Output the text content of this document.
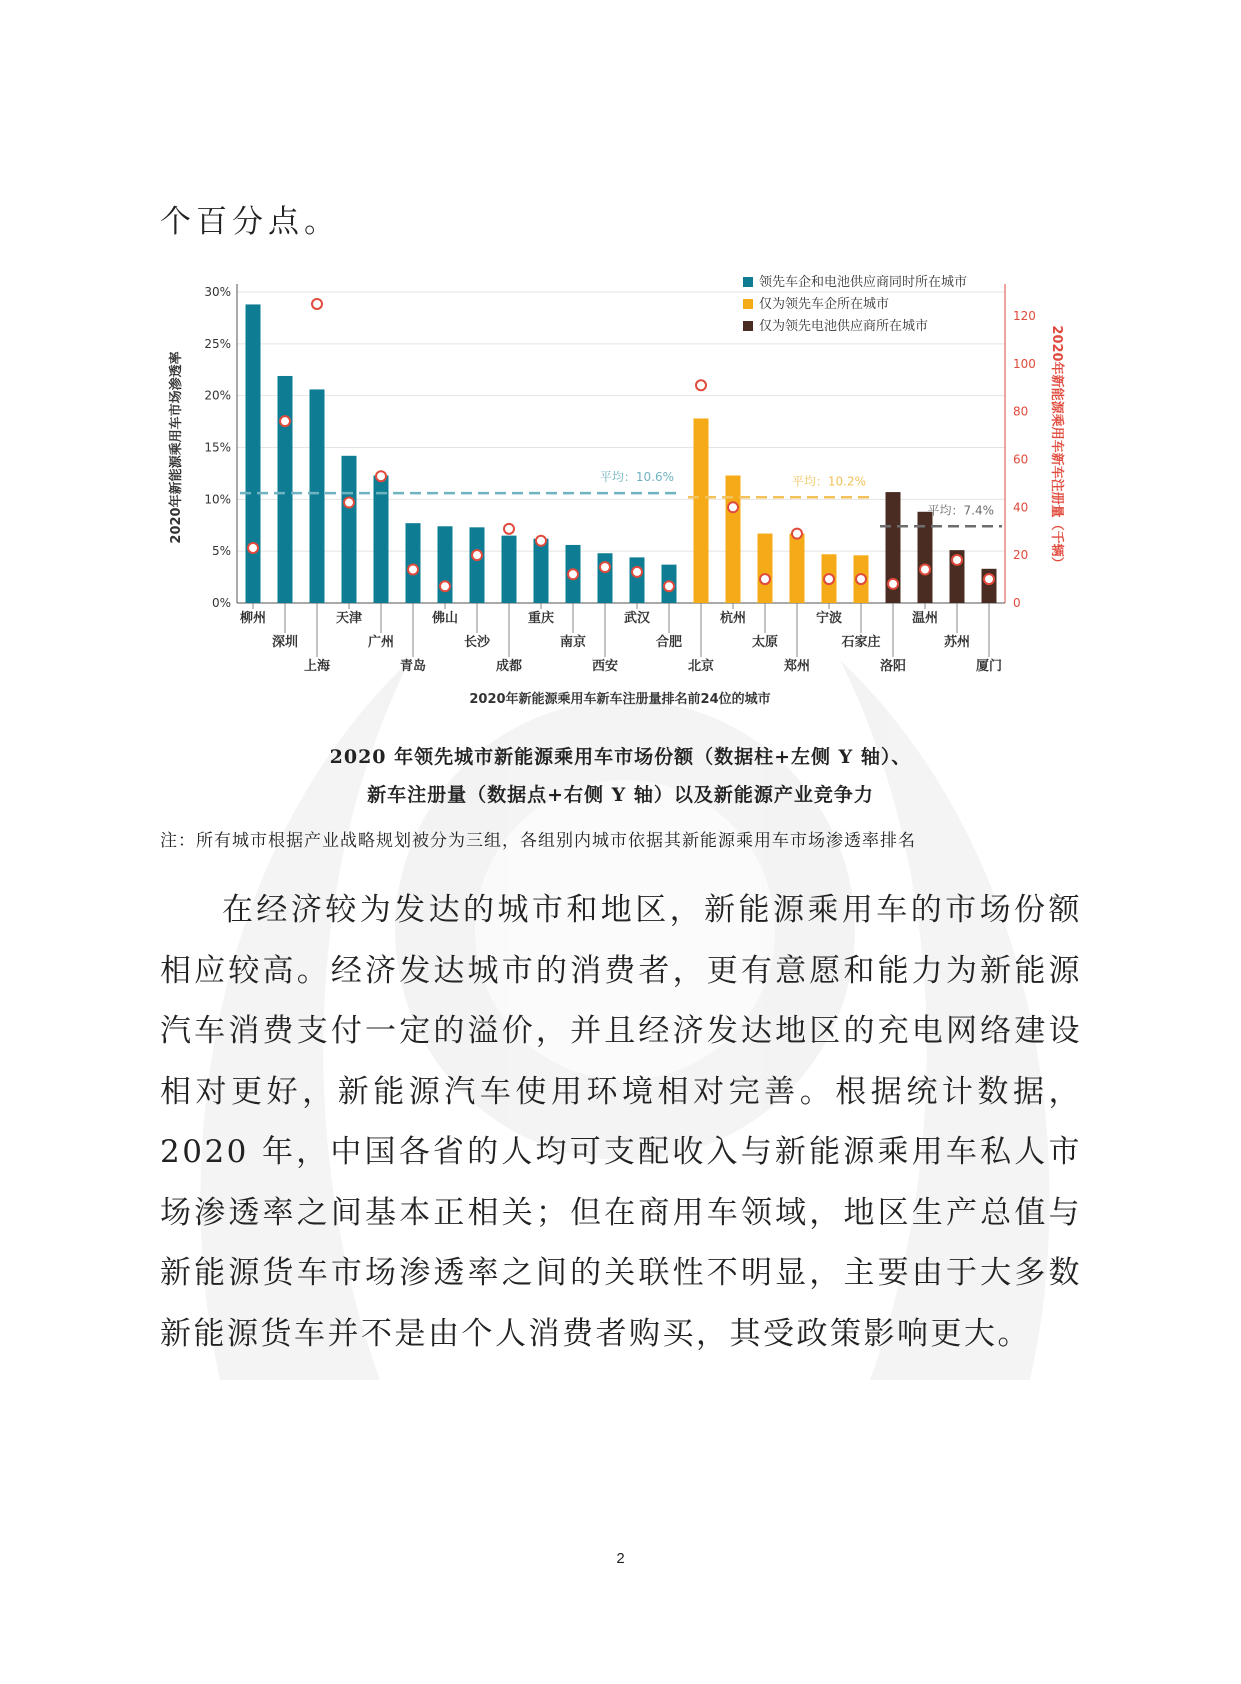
个百分点。
0%
5%
10%
15%
20%
25%
30%
0
20
40
60
80
100
120
平均：10.6%	平均：10.2%
平均：7.4%
柳州
深圳
上海
天津
广州
青岛
佛山
长沙
成都
重庆
南京
西安
武汉
合肥
北京
杭州
太原
郑州
宁波
石家庄
洛阳
温州
苏州
厦门
2020年新能源乘用车新车注册量排名前24位的城市
2020年新能源乘用车市场渗透率	2020年新能源乘用车新车注册量（千辆）
领先车企和电池供应商同时所在城市
仅为领先车企所在城市
仅为领先电池供应商所在城市
2020 年领先城市新能源乘用车市场份额（数据柱+左侧 Y 轴）、
新车注册量（数据点+右侧 Y 轴）以及新能源产业竞争力
注：所有城市根据产业战略规划被分为三组，各组别内城市依据其新能源乘用车市场渗透率排名

在经济较为发达的城市和地区，新能源乘用车的市场份额相应较高。经济发达城市的消费者，更有意愿和能力为新能源汽车消费支付一定的溢价，并且经济发达地区的充电网络建设相对更好，新能源汽车使用环境相对完善。根据统计数据，2020 年，中国各省的人均可支配收入与新能源乘用车私人市场渗透率之间基本正相关；但在商用车领域，地区生产总值与新能源货车市场渗透率之间的关联性不明显，主要由于大多数新能源货车并不是由个人消费者购买，其受政策影响更大。

2
